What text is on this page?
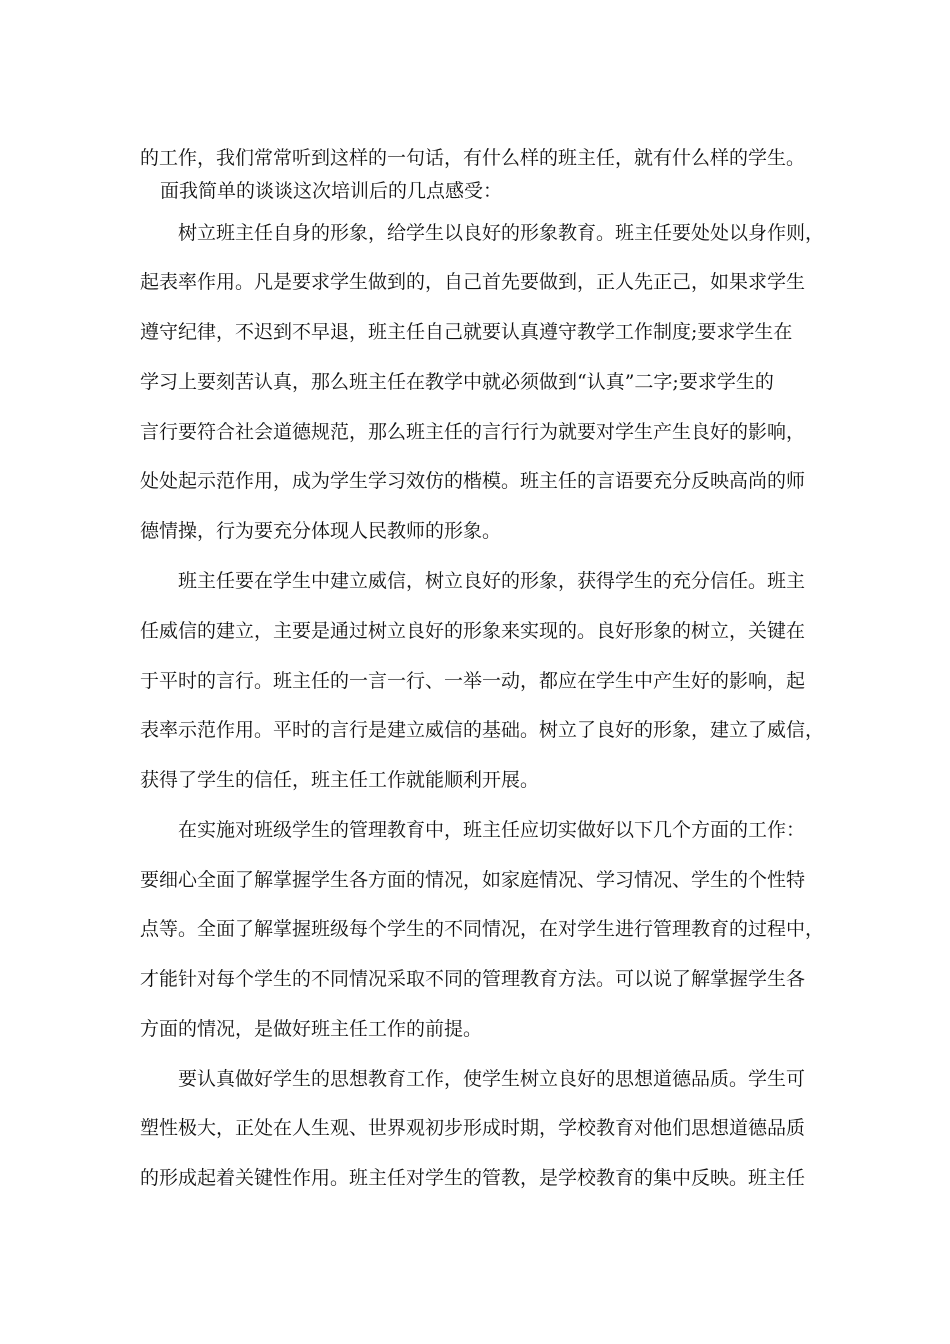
的工作，我们常常听到这样的一句话，有什么样的班主任，就有什么样的学生。
面我简单的谈谈这次培训后的几点感受：
树立班主任自身的形象，给学生以良好的形象教育。班主任要处处以身作则，
起表率作用。凡是要求学生做到的，自己首先要做到，正人先正己，如果求学生
遵守纪律，不迟到不早退，班主任自己就要认真遵守教学工作制度;要求学生在
学习上要刻苦认真，那么班主任在教学中就必须做到“认真”二字;要求学生的
言行要符合社会道德规范，那么班主任的言行行为就要对学生产生良好的影响，
处处起示范作用，成为学生学习效仿的楷模。班主任的言语要充分反映高尚的师
德情操，行为要充分体现人民教师的形象。
班主任要在学生中建立威信，树立良好的形象，获得学生的充分信任。班主
任威信的建立，主要是通过树立良好的形象来实现的。良好形象的树立，关键在
于平时的言行。班主任的一言一行、一举一动，都应在学生中产生好的影响，起
表率示范作用。平时的言行是建立威信的基础。树立了良好的形象，建立了威信，
获得了学生的信任，班主任工作就能顺利开展。
在实施对班级学生的管理教育中，班主任应切实做好以下几个方面的工作：
要细心全面了解掌握学生各方面的情况，如家庭情况、学习情况、学生的个性特
点等。全面了解掌握班级每个学生的不同情况，在对学生进行管理教育的过程中，
才能针对每个学生的不同情况采取不同的管理教育方法。可以说了解掌握学生各
方面的情况，是做好班主任工作的前提。
要认真做好学生的思想教育工作，使学生树立良好的思想道德品质。学生可
塑性极大，正处在人生观、世界观初步形成时期，学校教育对他们思想道德品质
的形成起着关键性作用。班主任对学生的管教，是学校教育的集中反映。班主任
